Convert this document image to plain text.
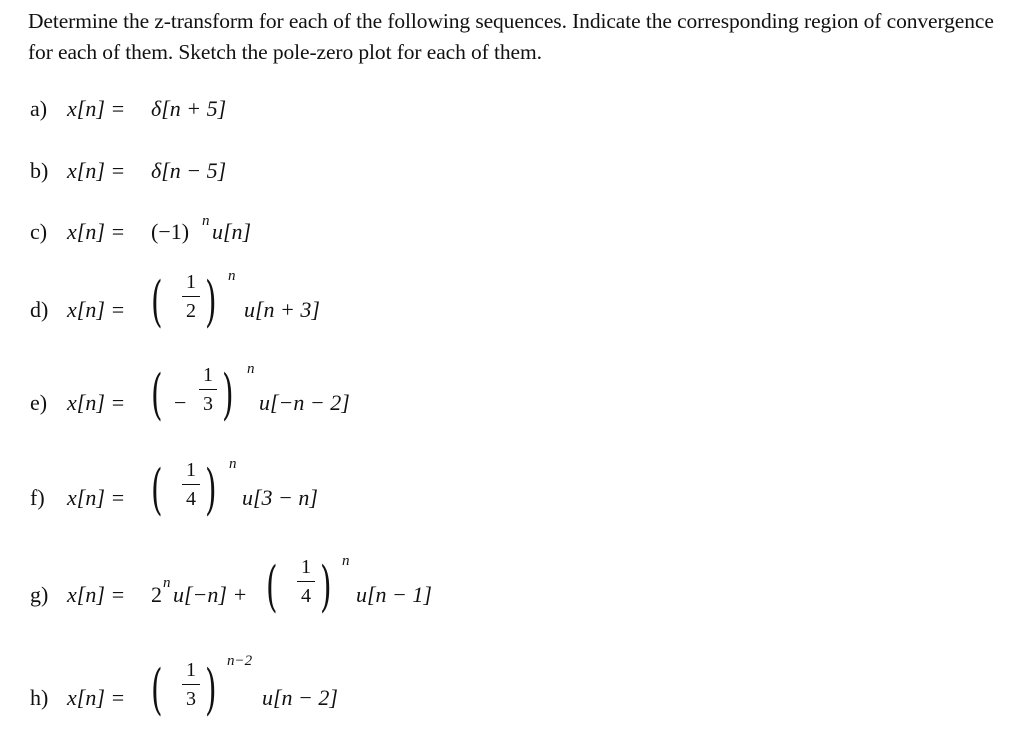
Determine the z-transform for each of the following sequences. Indicate the corresponding region of convergence for each of them. Sketch the pole-zero plot for each of them.
a) x[n] = δ[n + 5]
b) x[n] = δ[n − 5]
c) x[n] = (−1) n u[n]
d) x[n] = ( 1
2 ) n
u[n + 3]
e) x[n] = ( −
1
3 ) n
u[−n − 2]
f) x[n] = ( 1
4 ) n
u[3 − n]
g) x[n] = 2 n u[−n] + ( 1
4 ) n
u[n − 1]
h) x[n] = ( 1
3 ) n−2
u[n − 2]
